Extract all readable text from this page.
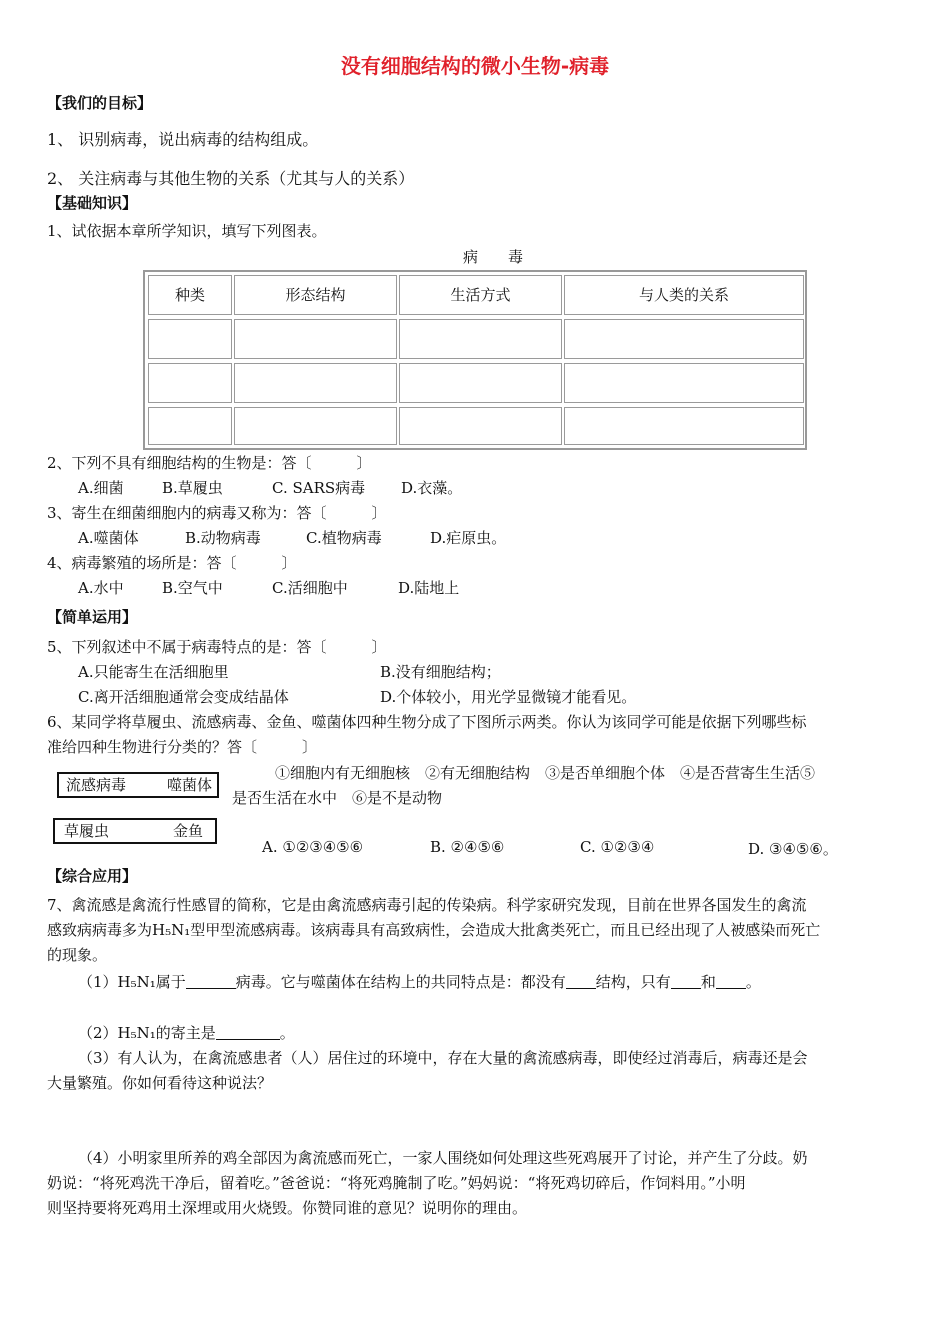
没有细胞结构的微小生物-病毒
【我们的目标】
1、 识别病毒，说出病毒的结构组成。
2、 关注病毒与其他生物的关系（尤其与人的关系）
【基础知识】
1、试依据本章所学知识，填写下列图表。
病　　毒
种类	形态结构	生活方式	与人类的关系
2、下列不具有细胞结构的生物是：答〔　　　〕
A.细菌	B.草履虫	C. SARS病毒 D.衣藻。
3、寄生在细菌细胞内的病毒又称为：答〔　　　〕
A.噬菌体	B.动物病毒	C.植物病毒	D.疟原虫。
4、病毒繁殖的场所是：答〔　　　〕
A.水中	B.空气中	C.活细胞中	D.陆地上
【简单运用】
5、下列叙述中不属于病毒特点的是：答〔　　　〕
A.只能寄生在活细胞里	B.没有细胞结构；
C.离开活细胞通常会变成结晶体	D.个体较小，用光学显微镜才能看见。
6、某同学将草履虫、流感病毒、金鱼、噬菌体四种生物分成了下图所示两类。你认为该同学可能是依据下列哪些标
准给四种生物进行分类的？答〔　　　〕
流感病毒	噬菌体
草履虫	金鱼
①细胞内有无细胞核　②有无细胞结构　③是否单细胞个体　④是否营寄生生活⑤
是否生活在水中　⑥是不是动物
A. ①②③④⑤⑥	B. ②④⑤⑥	C. ①②③④	D. ③④⑤⑥。
【综合应用】
7、禽流感是禽流行性感冒的简称，它是由禽流感病毒引起的传染病。科学家研究发现，目前在世界各国发生的禽流
感致病病毒多为H₅N₁型甲型流感病毒。该病毒具有高致病性，会造成大批禽类死亡，而且已经出现了人被感染而死亡
的现象。
（1）H₅N₁属于	病毒。它与噬菌体在结构上的共同特点是：都没有 结构，只有 和 。
（2）H₅N₁的寄主是	。
（3）有人认为，在禽流感患者（人）居住过的环境中，存在大量的禽流感病毒，即使经过消毒后，病毒还是会
大量繁殖。你如何看待这种说法？
（4）小明家里所养的鸡全部因为禽流感而死亡，一家人围绕如何处理这些死鸡展开了讨论，并产生了分歧。奶
奶说：“将死鸡洗干净后，留着吃。”爸爸说：“将死鸡腌制了吃。”妈妈说：“将死鸡切碎后，作饲料用。”小明
则坚持要将死鸡用土深埋或用火烧毁。你赞同谁的意见？说明你的理由。
